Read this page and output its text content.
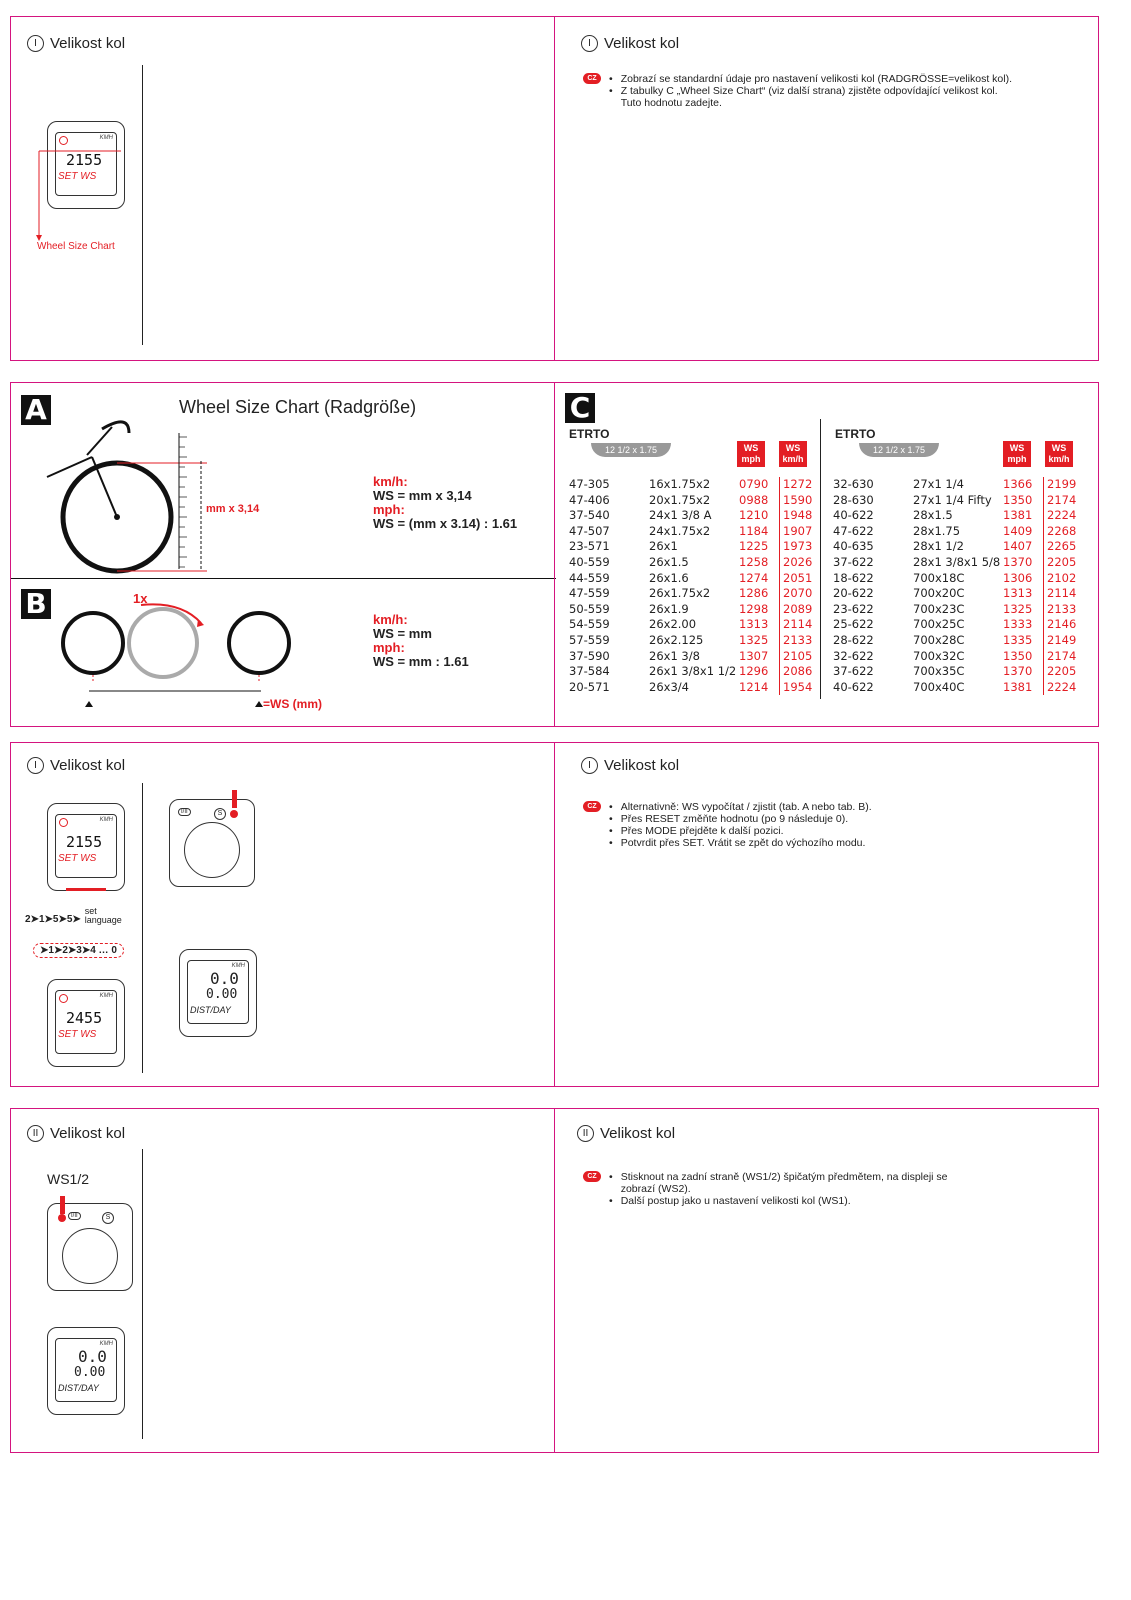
I Velikost kol
KMH
2155
SET WS
Wheel Size Chart
I Velikost kol
CZ	• Zobrazí se standardní údaje pro nastavení velikosti kol (RADGRÖSSE=velikost kol).
• Z tabulky C „Wheel Size Chart“ (viz další strana) zjistěte odpovídající velikost kol. Tuto hodnotu zadejte.
A	Wheel Size Chart (Radgröße)
mm x 3,14
km/h:
WS = mm x 3,14
mph:
WS = (mm x 3.14) : 1.61
B	1x
=WS (mm)
km/h:
WS = mm
mph:
WS = mm : 1.61
C
ETRTO
12 1/2 x 1.75	WS mph
WS km/h
ETRTO
12 1/2 x 1.75	WS mph
WS km/h
47-305	16x1.75x2	0790	1272
47-406	20x1.75x2	0988	1590
37-540	24x1 3/8 A	1210	1948
47-507	24x1.75x2	1184	1907
23-571	26x1	1225	1973
40-559	26x1.5	1258	2026
44-559	26x1.6	1274	2051
47-559	26x1.75x2	1286	2070
50-559	26x1.9	1298	2089
54-559	26x2.00	1313	2114
57-559	26x2.125	1325	2133
37-590	26x1 3/8	1307	2105
37-584	26x1 3/8x1 1/2 1296	2086
20-571	26x3/4	1214	1954
32-630	27x1 1/4	1366	2199
28-630	27x1 1/4 Fifty 1350	2174
40-622	28x1.5	1381	2224
47-622	28x1.75	1409	2268
40-635	28x1 1/2	1407	2265
37-622	28x1 3/8x1 5/8 1370	2205
18-622	700x18C	1306	2102
20-622	700x20C	1313	2114
23-622	700x23C	1325	2133
25-622	700x25C	1333	2146
28-622	700x28C	1335	2149
32-622	700x32C	1350	2174
37-622	700x35C	1370	2205
40-622	700x40C	1381	2224
I Velikost kol
KMH
2155
SET WS
2➤1➤5➤5➤
set
language
➤1➤2➤3➤4 … 0
KMH
2455
SET WS
I/II	S
KMH
0.0
0.00
DIST/DAY
I Velikost kol
CZ	• Alternativně: WS vypočítat / zjistit (tab. A nebo tab. B).
• Přes RESET změňte hodnotu (po 9 následuje 0).
• Přes MODE přejděte k další pozici.
• Potvrdit přes SET. Vrátit se zpět do výchozího modu.
II Velikost kol
WS1/2
I/II	S
KMH
0.0
0.00
DIST/DAY
II Velikost kol
CZ	• Stisknout na zadní straně (WS1/2) špičatým předmětem, na displeji se zobrazí (WS2).
• Další postup jako u nastavení velikosti kol (WS1).
